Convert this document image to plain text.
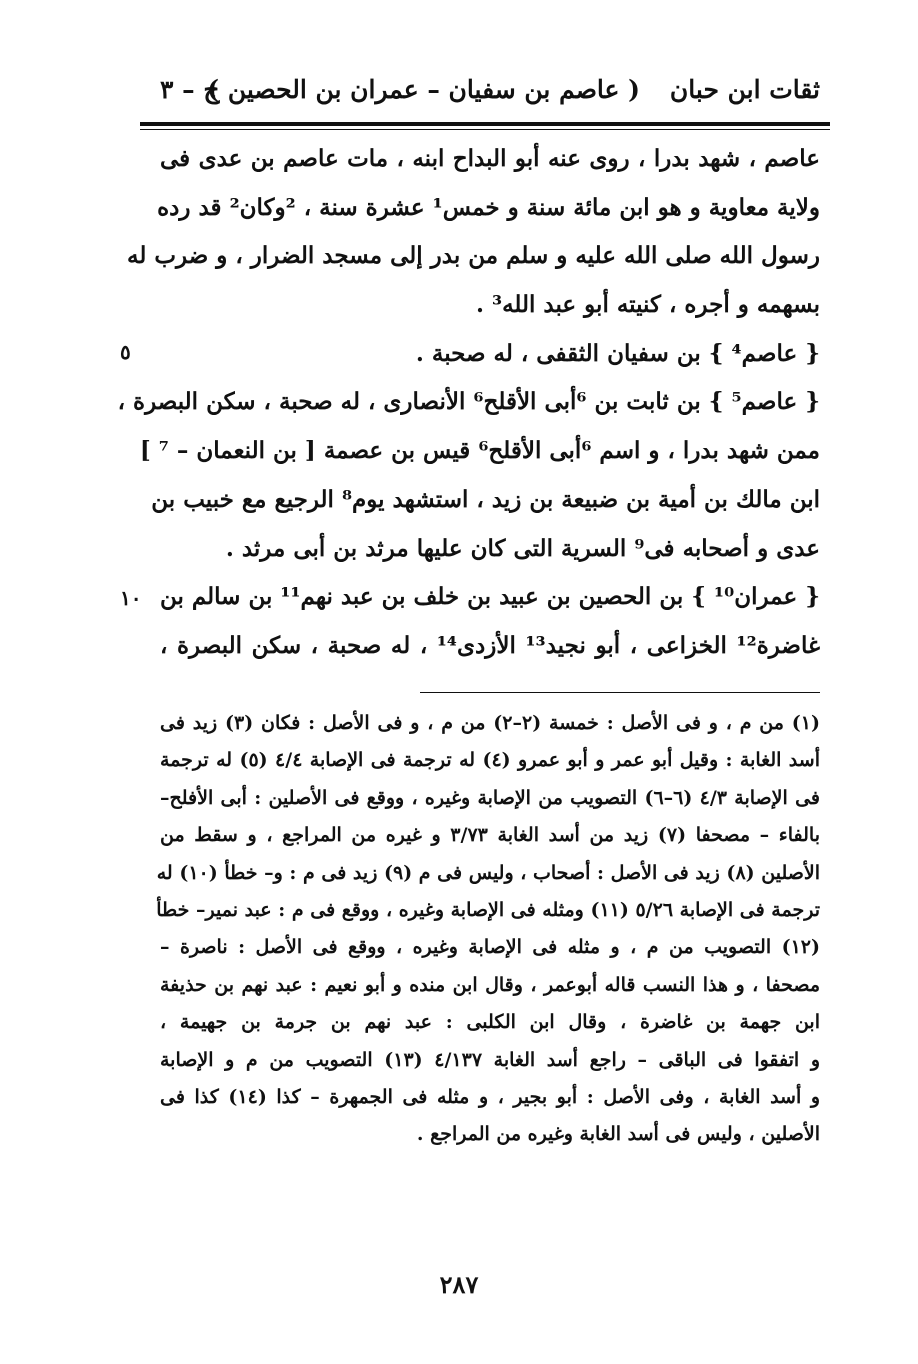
ثقات ابن حبان
( عاصم بن سفيان – عمران بن الحصين )
ج – ٣
عاصم ، شهد بدرا ، روى عنه أبو البداح ابنه ، مات عاصم بن عدى فى
ولاية معاوية و هو ابن مائة سنة و خمس¹ عشرة سنة ، ²وكان² قد رده
رسول الله صلى الله عليه و سلم من بدر إلى مسجد الضرار ، و ضرب له
بسهمه و أجره ، كنيته أبو عبد الله³ .
{ عاصم⁴ } بن سفيان الثقفى ، له صحبة .
{ عاصم⁵ } بن ثابت بن ⁶أبى الأقلح⁶ الأنصارى ، له صحبة ، سكن البصرة ،
ممن شهد بدرا ، و اسم ⁶أبى الأقلح⁶ قيس بن عصمة [ بن النعمان – ⁷ ]
ابن مالك بن أمية بن ضبيعة بن زيد ، استشهد يوم⁸ الرجيع مع خبيب بن
عدى و أصحابه فى⁹ السرية التى كان عليها مرثد بن أبى مرثد .
{ عمران¹⁰ } بن الحصين بن عبيد بن خلف بن عبد نهم¹¹ بن سالم بن
غاضرة¹² الخزاعى ، أبو نجيد¹³ الأزدى¹⁴ ، له صحبة ، سكن البصرة ،
٥
١٠
(١) من م ، و فى الأصل : خمسة (٢–٢) من م ، و فى الأصل : فكان (٣) زيد فى
أسد الغابة : وقيل أبو عمر و أبو عمرو (٤) له ترجمة فى الإصابة ٤/٤ (٥) له ترجمة
فى الإصابة ٤/٣ (٦–٦) التصويب من الإصابة وغيره ، ووقع فى الأصلين : أبى الأفلح–
بالفاء – مصحفا (٧) زيد من أسد الغابة ٣/٧٣ و غيره من المراجع ، و سقط من
الأصلين (٨) زيد فى الأصل : أصحاب ، وليس فى م (٩) زيد فى م : و– خطأ (١٠) له
ترجمة فى الإصابة ٥/٢٦ (١١) ومثله فى الإصابة وغيره ، ووقع فى م : عبد نمير– خطأ
(١٢) التصويب من م ، و مثله فى الإصابة وغيره ، ووقع فى الأصل : ناصرة –
مصحفا ، و هذا النسب قاله أبوعمر ، وقال ابن منده و أبو نعيم : عبد نهم بن حذيفة
ابن جهمة بن غاضرة ، وقال ابن الكلبى : عبد نهم بن جرمة بن جهيمة ،
و اتفقوا فى الباقى – راجع أسد الغابة ٤/١٣٧ (١٣) التصويب من م و الإصابة
و أسد الغابة ، وفى الأصل : أبو بجير ، و مثله فى الجمهرة – كذا (١٤) كذا فى
الأصلين ، وليس فى أسد الغابة وغيره من المراجع .
٢٨٧
